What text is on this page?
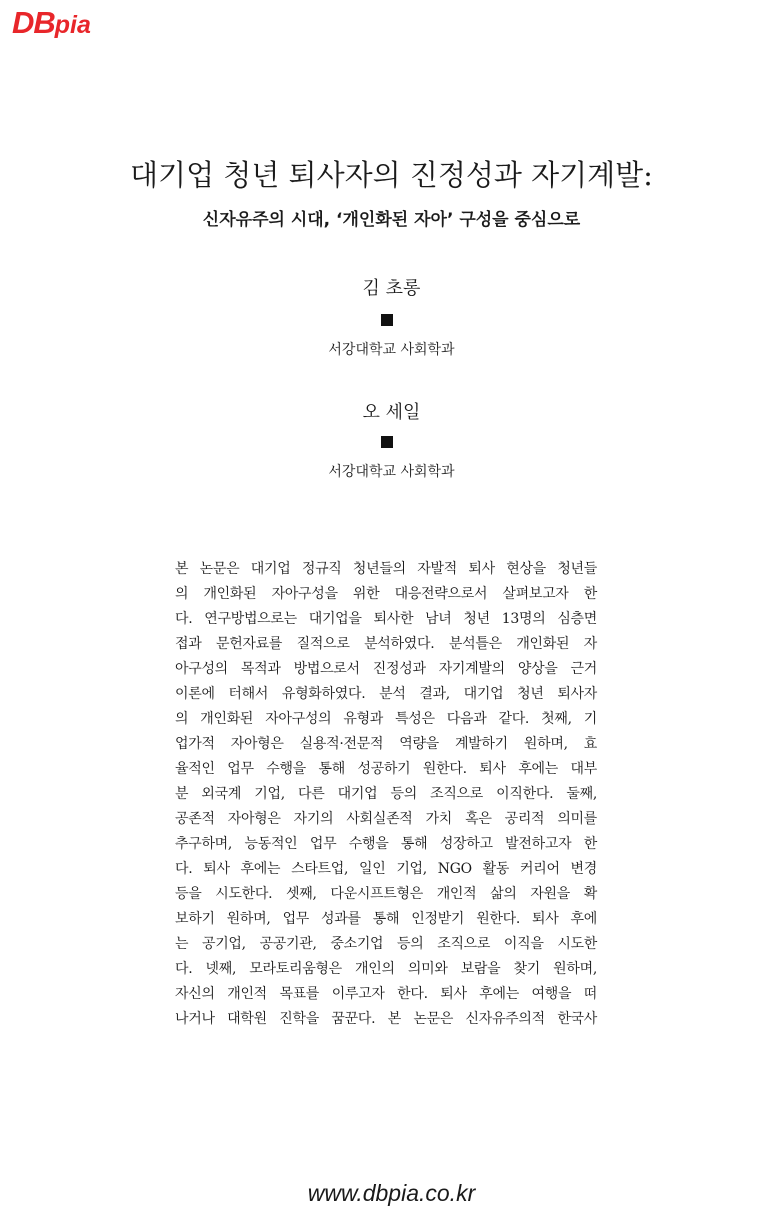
DBpia
대기업 청년 퇴사자의 진정성과 자기계발:
신자유주의 시대, ‘개인화된 자아’ 구성을 중심으로
김 초롱
서강대학교 사회학과
오 세일
서강대학교 사회학과
본 논문은 대기업 정규직 청년들의 자발적 퇴사 현상을 청년들
의 개인화된 자아구성을 위한 대응전략으로서 살펴보고자 한
다. 연구방법으로는 대기업을 퇴사한 남녀 청년 13명의 심층면
접과 문헌자료를 질적으로 분석하였다. 분석틀은 개인화된 자
아구성의 목적과 방법으로서 진정성과 자기계발의 양상을 근거
이론에 터해서 유형화하였다. 분석 결과, 대기업 청년 퇴사자
의 개인화된 자아구성의 유형과 특성은 다음과 같다. 첫째, 기
업가적 자아형은 실용적·전문적 역량을 계발하기 원하며, 효
율적인 업무 수행을 통해 성공하기 원한다. 퇴사 후에는 대부
분 외국계 기업, 다른 대기업 등의 조직으로 이직한다. 둘째,
공존적 자아형은 자기의 사회실존적 가치 혹은 공리적 의미를
추구하며, 능동적인 업무 수행을 통해 성장하고 발전하고자 한
다. 퇴사 후에는 스타트업, 일인 기업, NGO 활동 커리어 변경
등을 시도한다. 셋째, 다운시프트형은 개인적 삶의 자원을 확
보하기 원하며, 업무 성과를 통해 인정받기 원한다. 퇴사 후에
는 공기업, 공공기관, 중소기업 등의 조직으로 이직을 시도한
다. 넷째, 모라토리움형은 개인의 의미와 보람을 찾기 원하며,
자신의 개인적 목표를 이루고자 한다. 퇴사 후에는 여행을 떠
나거나 대학원 진학을 꿈꾼다. 본 논문은 신자유주의적 한국사
www.dbpia.co.kr
